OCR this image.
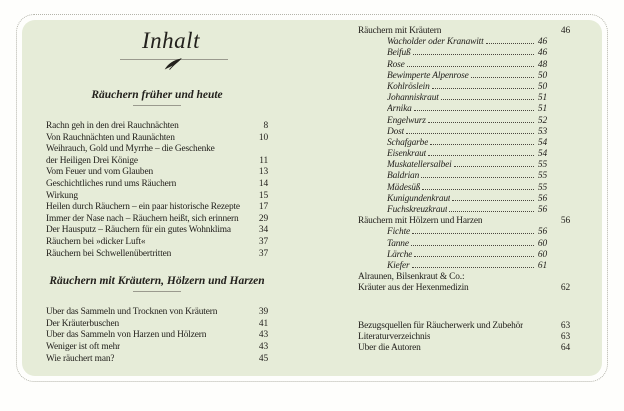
Inhalt
Räuchern früher und heute
Rachn geh in den drei Rauchnächten	8
Von Rauchnächten und Raunächten	10
Weihrauch, Gold und Myrrhe – die Geschenke
der Heiligen Drei Könige	11
Vom Feuer und vom Glauben	13
Geschichtliches rund ums Räuchern	14
Wirkung	15
Heilen durch Räuchern – ein paar historische Rezepte 17
Immer der Nase nach – Räuchern heißt, sich erinnern 29
Der Hausputz – Räuchern für ein gutes Wohnklima	34
Räuchern bei »dicker Luft«	37
Räuchern bei Schwellenübertritten	37
Räuchern mit Kräutern, Hölzern und Harzen
Über das Sammeln und Trocknen von Kräutern	39
Der Kräuterbuschen	41
Über das Sammeln von Harzen und Hölzern	43
Weniger ist oft mehr	43
Wie räuchert man?	45
Räuchern mit Kräutern	46
Wacholder oder Kranawitt	46
Beifuß	46
Rose	48
Bewimperte Alpenrose	50
Kohlröslein	50
Johanniskraut	51
Arnika	51
Engelwurz	52
Dost	53
Schafgarbe	54
Eisenkraut	54
Muskatellersalbei	55
Baldrian	55
Mädesüß	55
Kunigundenkraut	56
Fuchskreuzkraut	56
Räuchern mit Hölzern und Harzen	56
Fichte	56
Tanne	60
Lärche	60
Kiefer	61
Alraunen, Bilsenkraut & Co.:
Kräuter aus der Hexenmedizin	62
Bezugsquellen für Räucherwerk und Zubehör	63
Literaturverzeichnis	63
Über die Autoren	64
